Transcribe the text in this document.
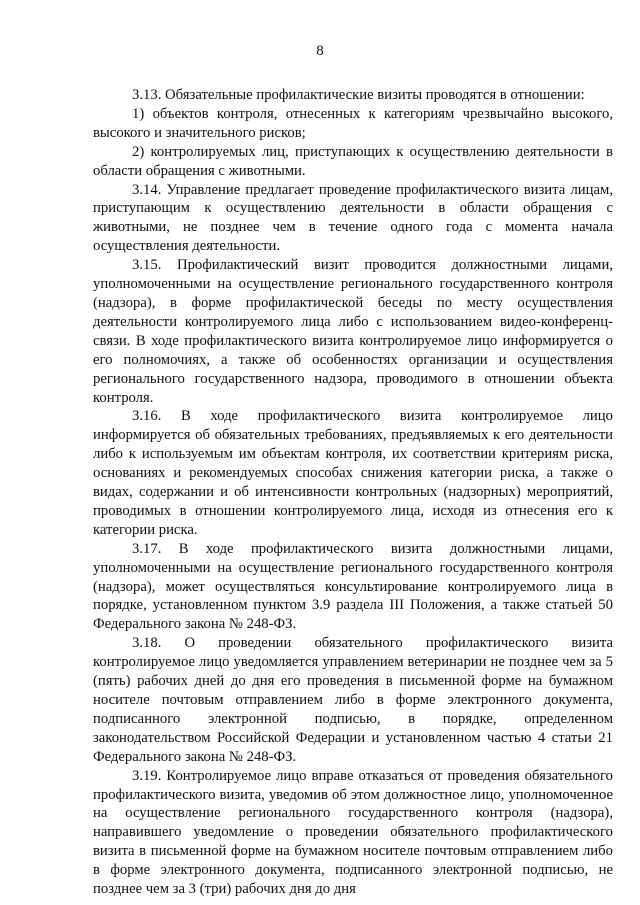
8

3.13. Обязательные профилактические визиты проводятся в отношении:

1) объектов контроля, отнесенных к категориям чрезвычайно высокого, высокого и значительного рисков;

2) контролируемых лиц, приступающих к осуществлению деятельности в области обращения с животными.

3.14. Управление предлагает проведение профилактического визита лицам, приступающим к осуществлению деятельности в области обращения с животными, не позднее чем в течение одного года с момента начала осуществления деятельности.

3.15. Профилактический визит проводится должностными лицами, уполномоченными на осуществление регионального государственного контроля (надзора), в форме профилактической беседы по месту осуществления деятельности контролируемого лица либо с использованием видео-конференц-связи. В ходе профилактического визита контролируемое лицо информируется о его полномочиях, а также об особенностях организации и осуществления регионального государственного надзора, проводимого в отношении объекта контроля.

3.16. В ходе профилактического визита контролируемое лицо информируется об обязательных требованиях, предъявляемых к его деятельности либо к используемым им объектам контроля, их соответствии критериям риска, основаниях и рекомендуемых способах снижения категории риска, а также о видах, содержании и об интенсивности контрольных (надзорных) мероприятий, проводимых в отношении контролируемого лица, исходя из отнесения его к категории риска.

3.17. В ходе профилактического визита должностными лицами, уполномоченными на осуществление регионального государственного контроля (надзора), может осуществляться консультирование контролируемого лица в порядке, установленном пунктом 3.9 раздела III Положения, а также статьей 50 Федерального закона № 248-ФЗ.

3.18. О проведении обязательного профилактического визита контролируемое лицо уведомляется управлением ветеринарии не позднее чем за 5 (пять) рабочих дней до дня его проведения в письменной форме на бумажном носителе почтовым отправлением либо в форме электронного документа, подписанного электронной подписью, в порядке, определенном законодательством Российской Федерации и установленном частью 4 статьи 21 Федерального закона № 248-ФЗ.

3.19. Контролируемое лицо вправе отказаться от проведения обязательного профилактического визита, уведомив об этом должностное лицо, уполномоченное на осуществление регионального государственного контроля (надзора), направившего уведомление о проведении обязательного профилактического визита в письменной форме на бумажном носителе почтовым отправлением либо в форме электронного документа, подписанного электронной подписью, не позднее чем за 3 (три) рабочих дня до дня
